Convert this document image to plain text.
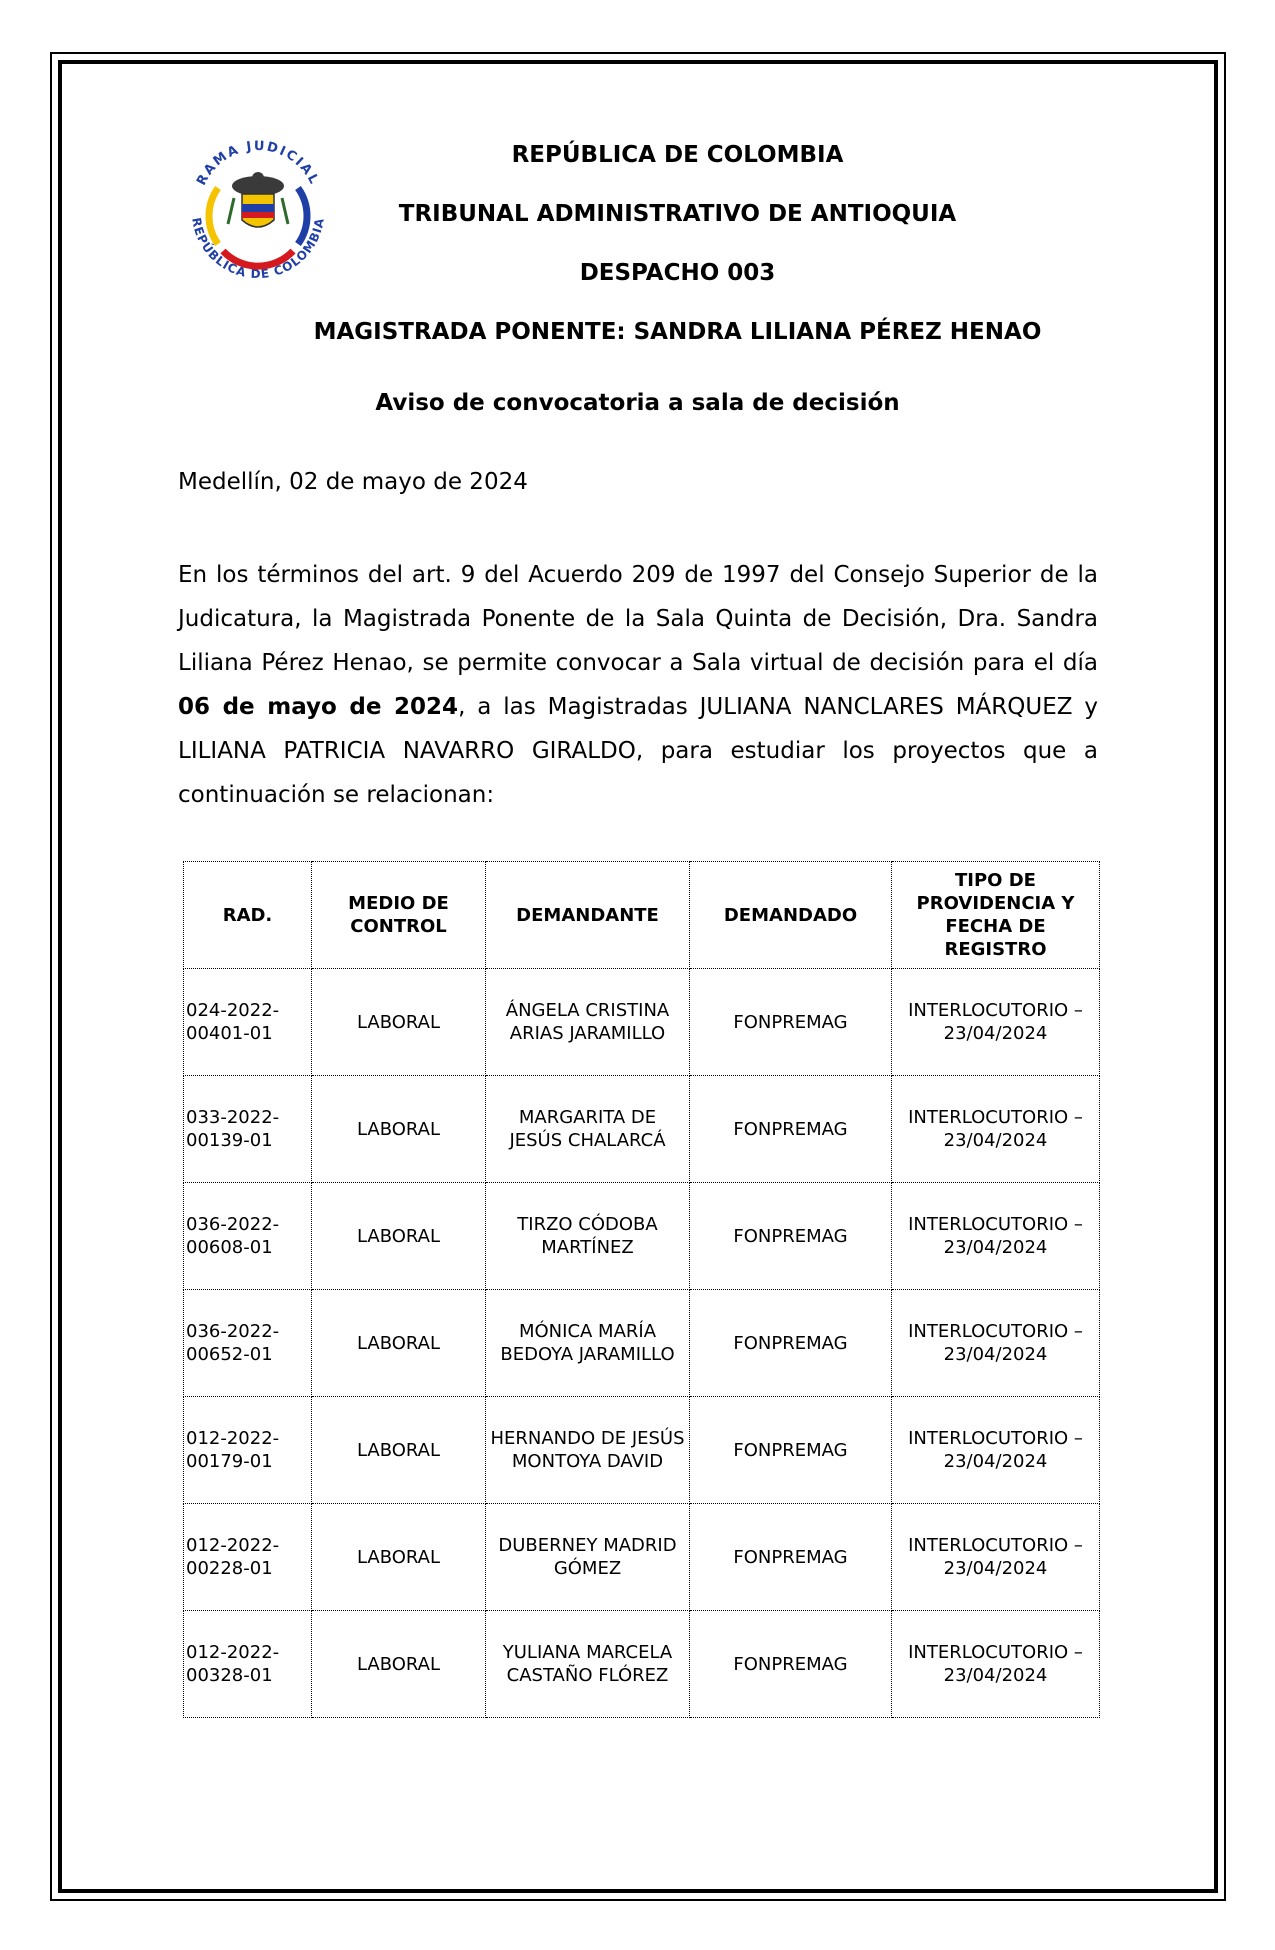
RAMA JUDICIAL
REPÚBLICA DE COLOMBIA
REPÚBLICA DE COLOMBIA
TRIBUNAL ADMINISTRATIVO DE ANTIOQUIA
DESPACHO 003
MAGISTRADA PONENTE: SANDRA LILIANA PÉREZ HENAO
Aviso de convocatoria a sala de decisión
Medellín, 02 de mayo de 2024
En los términos del art. 9 del Acuerdo 209 de 1997 del Consejo Superior de la Judicatura, la Magistrada Ponente de la Sala Quinta de Decisión, Dra. Sandra Liliana Pérez Henao, se permite convocar a Sala virtual de decisión para el día 06 de mayo de 2024, a las Magistradas JULIANA NANCLARES MÁRQUEZ y LILIANA PATRICIA NAVARRO GIRALDO, para estudiar los proyectos que a continuación se relacionan:
RAD.	MEDIO DE CONTROL	DEMANDANTE	DEMANDADO	TIPO DE PROVIDENCIA Y FECHA DE REGISTRO
024-2022-00401-01	LABORAL	ÁNGELA CRISTINA ARIAS JARAMILLO	FONPREMAG	INTERLOCUTORIO – 23/04/2024
033-2022-00139-01	LABORAL	MARGARITA DE JESÚS CHALARCÁ	FONPREMAG	INTERLOCUTORIO – 23/04/2024
036-2022-00608-01	LABORAL	TIRZO CÓDOBA MARTÍNEZ	FONPREMAG	INTERLOCUTORIO – 23/04/2024
036-2022-00652-01	LABORAL	MÓNICA MARÍA BEDOYA JARAMILLO	FONPREMAG	INTERLOCUTORIO – 23/04/2024
012-2022-00179-01	LABORAL	HERNANDO DE JESÚS MONTOYA DAVID	FONPREMAG	INTERLOCUTORIO – 23/04/2024
012-2022-00228-01	LABORAL	DUBERNEY MADRID GÓMEZ	FONPREMAG	INTERLOCUTORIO – 23/04/2024
012-2022-00328-01	LABORAL	YULIANA MARCELA CASTAÑO FLÓREZ	FONPREMAG	INTERLOCUTORIO – 23/04/2024
